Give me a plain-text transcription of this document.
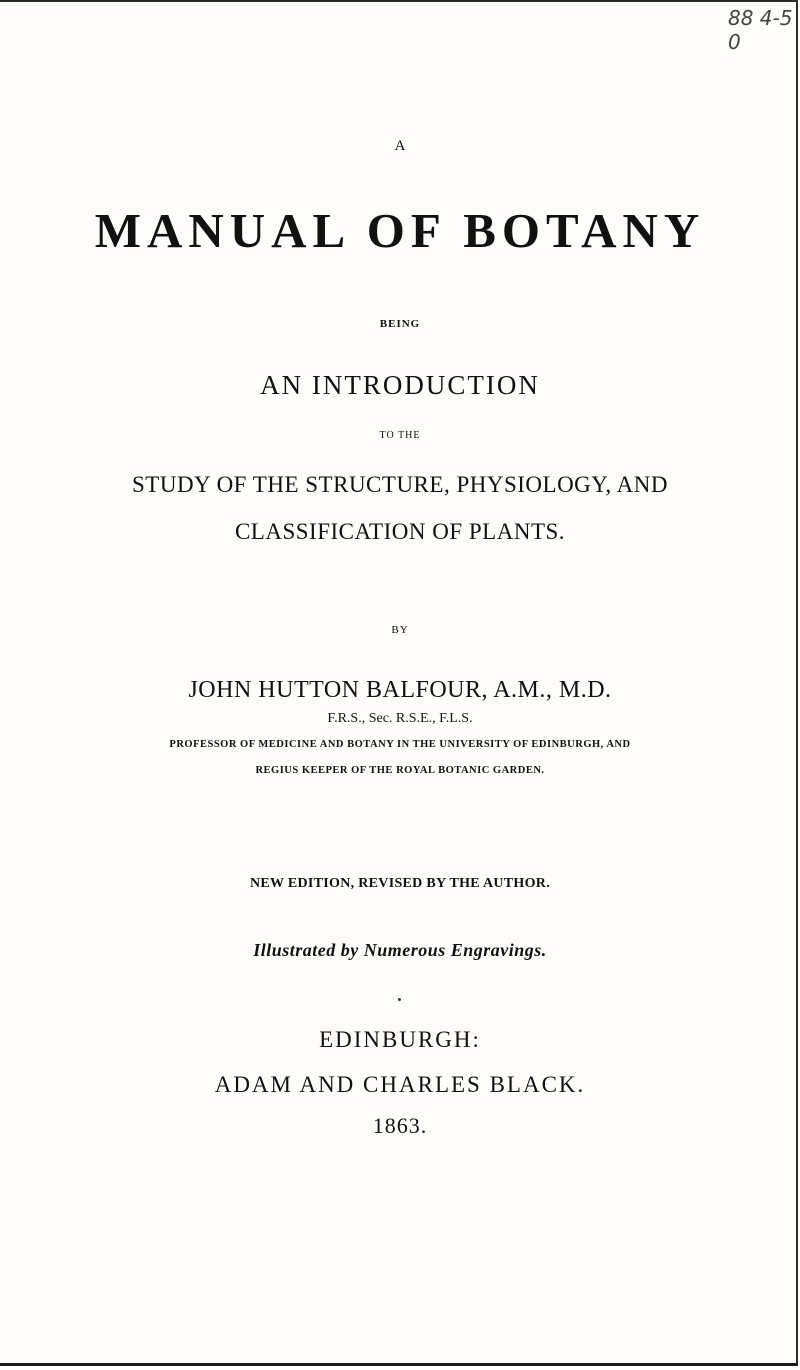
88 4-5 0

A

MANUAL OF BOTANY

BEING

AN INTRODUCTION

TO THE

STUDY OF THE STRUCTURE, PHYSIOLOGY, AND

CLASSIFICATION OF PLANTS.

BY

JOHN HUTTON BALFOUR, A.M., M.D.

F.R.S., Sec. R.S.E., F.L.S.

PROFESSOR OF MEDICINE AND BOTANY IN THE UNIVERSITY OF EDINBURGH, AND

REGIUS KEEPER OF THE ROYAL BOTANIC GARDEN.

NEW EDITION, REVISED BY THE AUTHOR.

Illustrated by Numerous Engravings.

EDINBURGH:

ADAM AND CHARLES BLACK.

1863.
